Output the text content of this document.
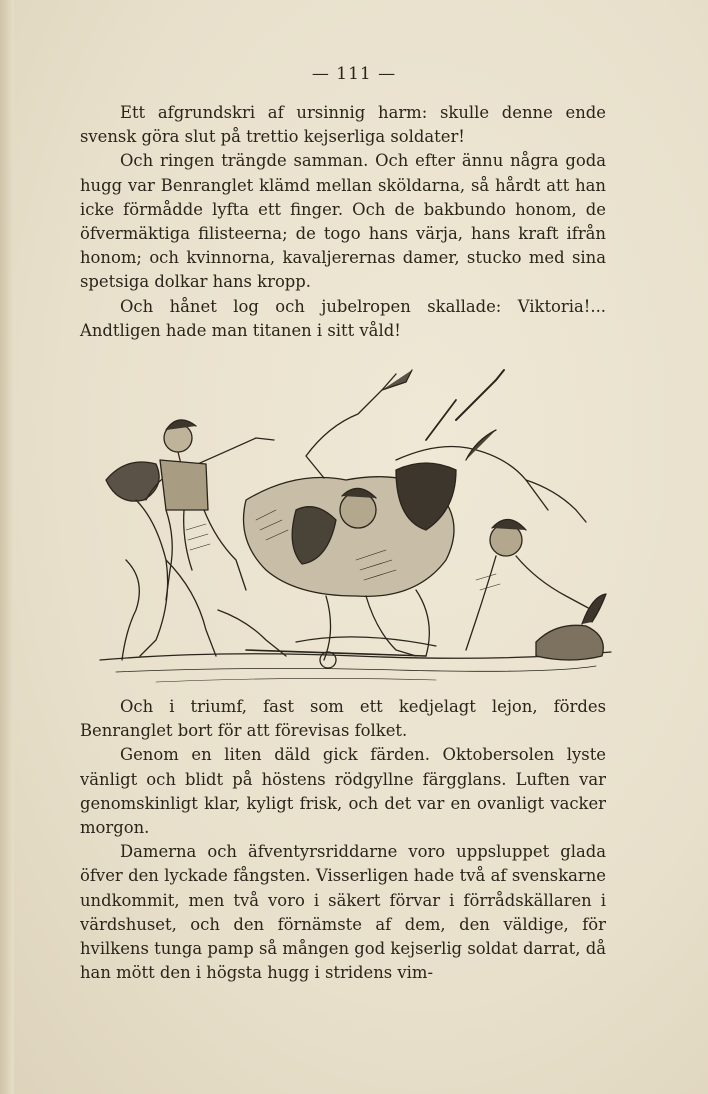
— 111 —

Ett afgrundskri af ursinnig harm: skulle denne ende svensk göra slut på trettio kejserliga soldater!

Och ringen trängde samman. Och efter ännu några goda hugg var Benranglet klämd mellan sköldarna, så hårdt att han icke förmådde lyfta ett finger. Och de bakbundo honom, de öfvermäktiga filisteerna; de togo hans värja, hans kraft ifrån honom; och kvinnorna, kavaljerernas damer, stucko med sina spetsiga dolkar hans kropp.

Och hånet log och jubelropen skallade: Viktoria!... Andtligen hade man titanen i sitt våld!

Och i triumf, fast som ett kedjelagt lejon, fördes Benranglet bort för att förevisas folket.

Genom en liten däld gick färden. Oktobersolen lyste vänligt och blidt på höstens rödgyllne färgglans. Luften var genomskinligt klar, kyligt frisk, och det var en ovanligt vacker morgon.

Damerna och äfventyrsriddarne voro uppsluppet glada öfver den lyckade fångsten. Visserligen hade två af svenskarne undkommit, men två voro i säkert förvar i förrådskällaren i värdshuset, och den förnämste af dem, den väldige, för hvilkens tunga pamp så mången god kejserlig soldat darrat, då han mött den i högsta hugg i stridens vim-
